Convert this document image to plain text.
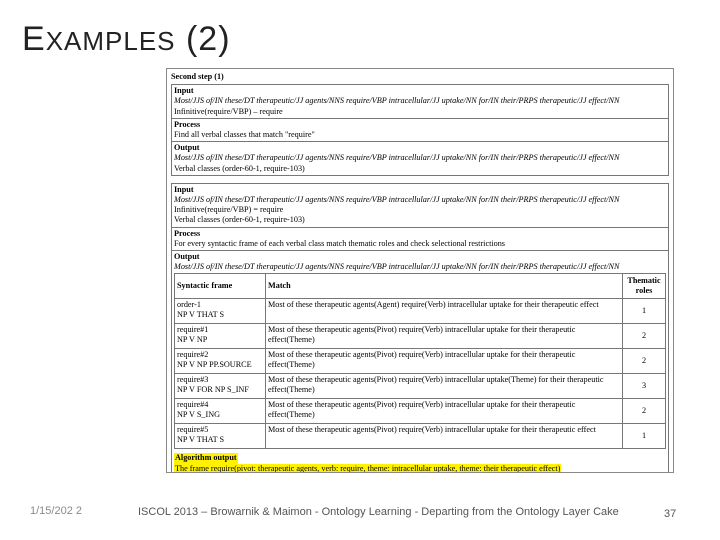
EXAMPLES (2)
Second step (1)
Input
Most/JJS of/IN these/DT therapeutic/JJ agents/NNS require/VBP intracellular/JJ uptake/NN for/IN their/PRPS therapeutic/JJ effect/NN
Infinitive(require/VBP) – require
Process
Find all verbal classes that match "require"
Output
Most/JJS of/IN these/DT therapeutic/JJ agents/NNS require/VBP intracellular/JJ uptake/NN for/IN their/PRPS therapeutic/JJ effect/NN
Verbal classes (order-60-1, require-103)
Input
Most/JJS of/IN these/DT therapeutic/JJ agents/NNS require/VBP intracellular/JJ uptake/NN for/IN their/PRPS therapeutic/JJ effect/NN
Infinitive(require/VBP) = require
Verbal classes (order-60-1, require-103)
Process
For every syntactic frame of each verbal class match thematic roles and check selectional restrictions
Output
Most/JJS of/IN these/DT therapeutic/JJ agents/NNS require/VBP intracellular/JJ uptake/NN for/IN their/PRPS therapeutic/JJ effect/NN
Syntactic frame	Match	Thematic roles

order-1
NP V THAT S	Most of these therapeutic agents(Agent) require(Verb) intracellular uptake for their therapeutic effect	1

require#1
NP V NP	Most of these therapeutic agents(Pivot) require(Verb) intracellular uptake for their therapeutic effect(Theme)	2

require#2
NP V NP PP.SOURCE	Most of these therapeutic agents(Pivot) require(Verb) intracellular uptake for their therapeutic effect(Theme)	2

require#3
NP V FOR NP S_INF	Most of these therapeutic agents(Pivot) require(Verb) intracellular uptake(Theme) for their therapeutic effect(Theme)	3

require#4
NP V S_ING	Most of these therapeutic agents(Pivot) require(Verb) intracellular uptake for their therapeutic effect(Theme)	2

require#5
NP V THAT S	Most of these therapeutic agents(Pivot) require(Verb) intracellular uptake for their therapeutic effect	1
Algorithm output
The frame require(pivot: therapeutic agents, verb: require, theme: intracellular uptake, theme: their therapeutic effect)
1/15/202 2	ISCOL 2013 – Browarnik & Maimon - Ontology Learning - Departing from the Ontology Layer Cake	37
